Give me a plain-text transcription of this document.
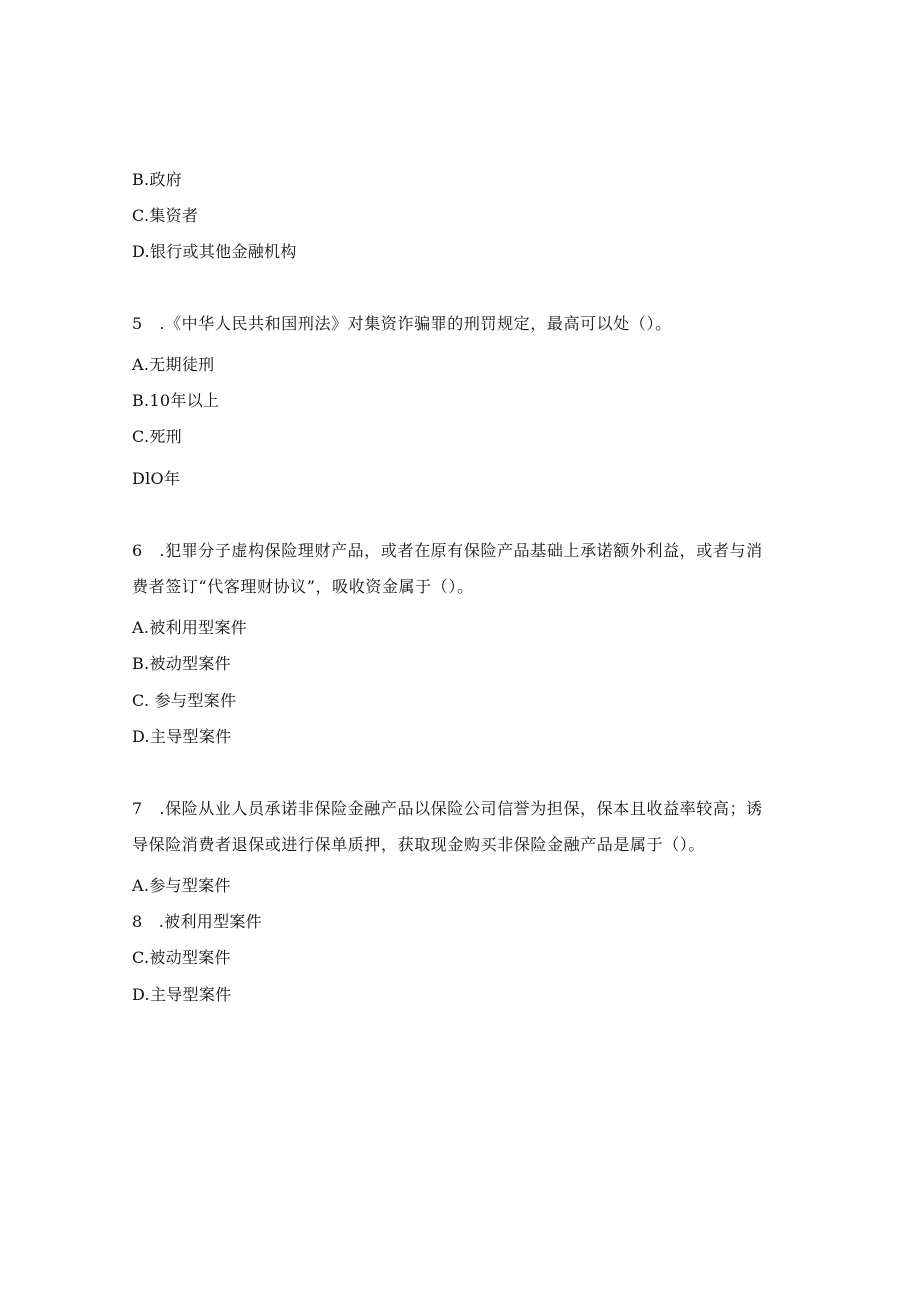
B.政府
C.集资者
D.银行或其他金融机构
5　.《中华人民共和国刑法》对集资诈骗罪的刑罚规定，最高可以处（）。
A.无期徒刑
B.10年以上
C.死刑
DlO年
6　.犯罪分子虚构保险理财产品，或者在原有保险产品基础上承诺额外利益，或者与消
费者签订“代客理财协议”，吸收资金属于（）。
A.被利用型案件
B.被动型案件
C. 参与型案件
D.主导型案件
7　.保险从业人员承诺非保险金融产品以保险公司信誉为担保，保本且收益率较高；诱
导保险消费者退保或进行保单质押，获取现金购买非保险金融产品是属于（）。
A.参与型案件
8　.被利用型案件
C.被动型案件
D.主导型案件
